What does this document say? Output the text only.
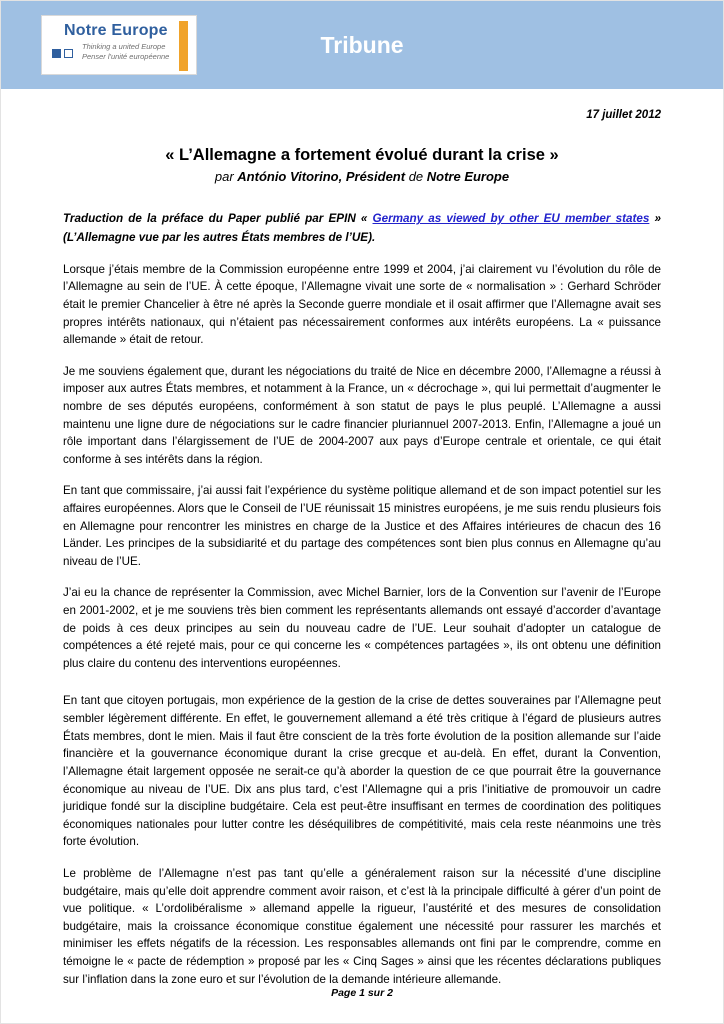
Notre Europe
Thinking a united Europe
Penser l'unité européenne	Tribune
17 juillet 2012
« L’Allemagne a fortement évolué durant la crise »
par António Vitorino, Président de Notre Europe
Traduction de la préface du Paper publié par EPIN « Germany as viewed by other EU member states » (L’Allemagne vue par les autres États membres de l’UE).

Lorsque j’étais membre de la Commission européenne entre 1999 et 2004, j’ai clairement vu l’évolution du rôle de l’Allemagne au sein de l’UE. À cette époque, l’Allemagne vivait une sorte de « normalisation » : Gerhard Schröder était le premier Chancelier à être né après la Seconde guerre mondiale et il osait affirmer que l’Allemagne avait ses propres intérêts nationaux, qui n’étaient pas nécessairement conformes aux intérêts européens. La « puissance allemande » était de retour.

Je me souviens également que, durant les négociations du traité de Nice en décembre 2000, l’Allemagne a réussi à imposer aux autres États membres, et notamment à la France, un « décrochage », qui lui permettait d’augmenter le nombre de ses députés européens, conformément à son statut de pays le plus peuplé. L’Allemagne a aussi maintenu une ligne dure de négociations sur le cadre financier pluriannuel 2007-2013. Enfin, l’Allemagne a joué un rôle important dans l’élargissement de l’UE de 2004-2007 aux pays d’Europe centrale et orientale, ce qui était conforme à ses intérêts dans la région.

En tant que commissaire, j’ai aussi fait l’expérience du système politique allemand et de son impact potentiel sur les affaires européennes. Alors que le Conseil de l’UE réunissait 15 ministres européens, je me suis rendu plusieurs fois en Allemagne pour rencontrer les ministres en charge de la Justice et des Affaires intérieures de chacun des 16 Länder. Les principes de la subsidiarité et du partage des compétences sont bien plus connus en Allemagne qu’au niveau de l’UE.

J’ai eu la chance de représenter la Commission, avec Michel Barnier, lors de la Convention sur l’avenir de l’Europe en 2001-2002, et je me souviens très bien comment les représentants allemands ont essayé d’accorder d’avantage de poids à ces deux principes au sein du nouveau cadre de l’UE. Leur souhait d’adopter un catalogue de compétences a été rejeté mais, pour ce qui concerne les « compétences partagées », ils ont obtenu une définition plus claire du contenu des interventions européennes.

En tant que citoyen portugais, mon expérience de la gestion de la crise de dettes souveraines par l’Allemagne peut sembler légèrement différente. En effet, le gouvernement allemand a été très critique à l’égard de plusieurs autres États membres, dont le mien. Mais il faut être conscient de la très forte évolution de la position allemande sur l’aide financière et la gouvernance économique durant la crise grecque et au-delà. En effet, durant la Convention, l’Allemagne était largement opposée ne serait-ce qu’à aborder la question de ce que pourrait être la gouvernance économique au niveau de l’UE. Dix ans plus tard, c’est l’Allemagne qui a pris l’initiative de promouvoir un cadre juridique fondé sur la discipline budgétaire. Cela est peut-être insuffisant en termes de coordination des politiques économiques nationales pour lutter contre les déséquilibres de compétitivité, mais cela reste néanmoins une très forte évolution.

Le problème de l’Allemagne n’est pas tant qu’elle a généralement raison sur la nécessité d’une discipline budgétaire, mais qu’elle doit apprendre comment avoir raison, et c’est là la principale difficulté à gérer d’un point de vue politique. « L’ordolibéralisme » allemand appelle la rigueur, l’austérité et des mesures de consolidation budgétaire, mais la croissance économique constitue également une nécessité pour rassurer les marchés et minimiser les effets négatifs de la récession. Les responsables allemands ont fini par le comprendre, comme en témoigne le « pacte de rédemption » proposé par les « Cinq Sages » ainsi que les récentes déclarations publiques sur l’inflation dans la zone euro et sur l’évolution de la demande intérieure allemande.

Page 1 sur 2
